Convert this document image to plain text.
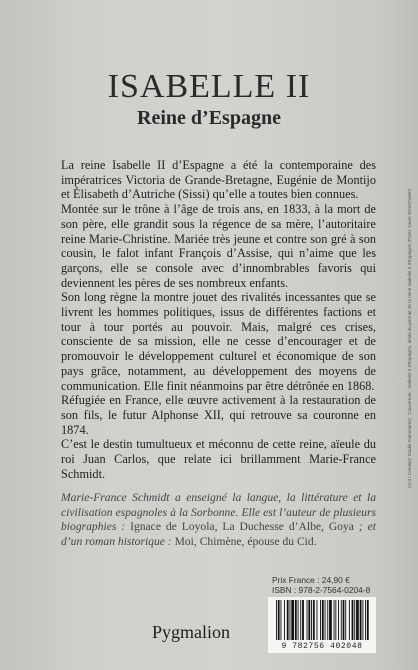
ISABELLE II
Reine d’Espagne

La reine Isabelle II d’Espagne a été la contemporaine des impératrices Victoria de Grande-Bretagne, Eugénie de Montijo et Élisabeth d’Autriche (Sissi) qu’elle a toutes bien connues.

Montée sur le trône à l’âge de trois ans, en 1833, à la mort de son père, elle grandit sous la régence de sa mère, l’autoritaire reine Marie-Christine. Mariée très jeune et contre son gré à son cousin, le falot infant François d’Assise, qui n’aime que les garçons, elle se console avec d’innombrables favoris qui deviennent les pères de ses nombreux enfants.

Son long règne la montre jouet des rivalités incessantes que se livrent les hommes politiques, issus de différentes factions et tour à tour portés au pouvoir. Mais, malgré ces crises, consciente de sa mission, elle ne cesse d’encourager et de promouvoir le développement culturel et économique de son pays grâce, notamment, au développement des moyens de communication. Elle finit néanmoins par être détrônée en 1868.

Réfugiée en France, elle œuvre activement à la restauration de son fils, le futur Alphonse XII, qui retrouve sa couronne en 1874.

C’est le destin tumultueux et méconnu de cette reine, aïeule du roi Juan Carlos, que relate ici brillamment Marie-France Schmidt.

Marie-France Schmidt a enseigné la langue, la littérature et la civilisation espagnoles à la Sorbonne. Elle est l’auteur de plusieurs biographies : Ignace de Loyola, La Duchesse d’Albe, Goya ; et d’un roman historique : Moi, Chimène, épouse du Cid.
Prix France : 24,90 €
ISBN : 978-2-7564-0204-8
9 782756 402048
Pygmalion
Couverture : Isabelle II d'Espagne, détail du portrait de la reine Isabelle II d'Espagne (Franz Xaver Winterhalter)
12-II / Création Studio Flammarion
